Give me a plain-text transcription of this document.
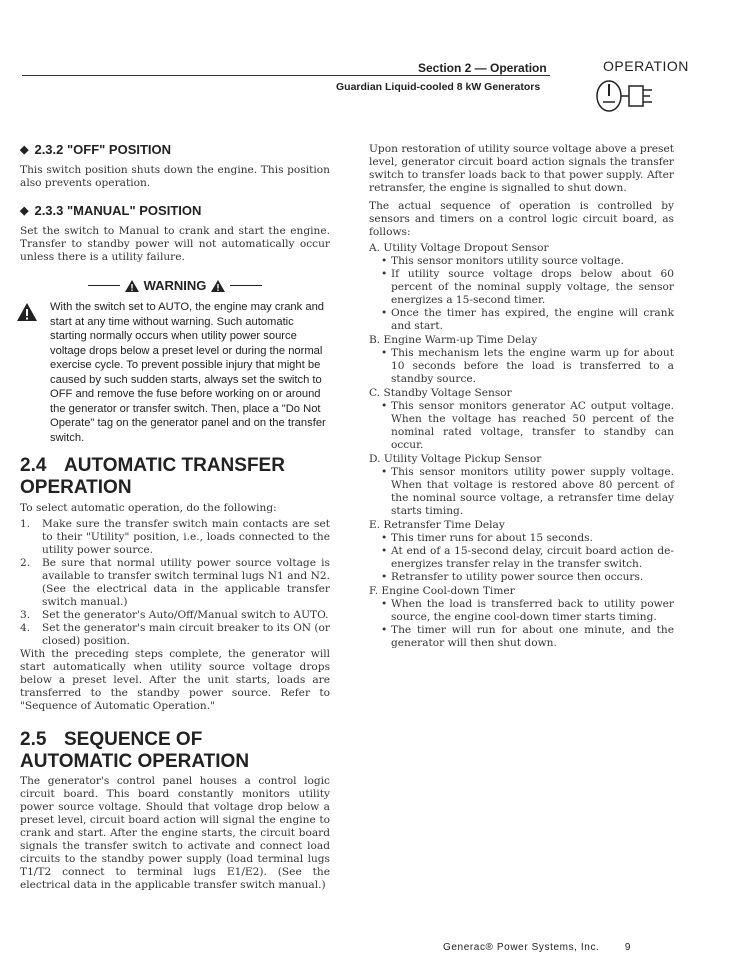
Section 2 — Operation
Guardian Liquid-cooled 8 kW Generators
OPERATION
◆ 2.3.2 "OFF" POSITION

This switch position shuts down the engine. This position also prevents operation.

◆ 2.3.3 "MANUAL" POSITION

Set the switch to Manual to crank and start the engine. Transfer to standby power will not automatically occur unless there is a utility failure.

WARNING

With the switch set to AUTO, the engine may crank and start at any time without warning. Such automatic starting normally occurs when utility power source voltage drops below a preset level or during the normal exercise cycle. To prevent possible injury that might be caused by such sudden starts, always set the switch to OFF and remove the fuse before working on or around the generator or transfer switch. Then, place a "Do Not Operate" tag on the generator panel and on the transfer switch.

2.4 AUTOMATIC TRANSFER
OPERATION

To select automatic operation, do the following:

1.	Make sure the transfer switch main contacts are set to their "Utility" position, i.e., loads connected to the utility power source.
2.	Be sure that normal utility power source voltage is available to transfer switch terminal lugs N1 and N2. (See the electrical data in the applicable transfer switch manual.)
3.	Set the generator's Auto/Off/Manual switch to AUTO.
4.	Set the generator's main circuit breaker to its ON (or closed) position.

With the preceding steps complete, the generator will start automatically when utility source voltage drops below a preset level. After the unit starts, loads are transferred to the standby power source. Refer to "Sequence of Automatic Operation."

2.5 SEQUENCE OF
AUTOMATIC OPERATION

The generator's control panel houses a control logic circuit board. This board constantly monitors utility power source voltage. Should that voltage drop below a preset level, circuit board action will signal the engine to crank and start. After the engine starts, the circuit board signals the transfer switch to activate and connect load circuits to the standby power supply (load terminal lugs T1/T2 connect to terminal lugs E1/E2). (See the electrical data in the applicable transfer switch manual.)

Upon restoration of utility source voltage above a preset level, generator circuit board action signals the transfer switch to transfer loads back to that power supply. After retransfer, the engine is signalled to shut down.

The actual sequence of operation is controlled by sensors and timers on a control logic circuit board, as follows:

A. Utility Voltage Dropout Sensor

• This sensor monitors utility source voltage.
• If utility source voltage drops below about 60 percent of the nominal supply voltage, the sensor energizes a 15-second timer.
• Once the timer has expired, the engine will crank and start.

B. Engine Warm-up Time Delay

• This mechanism lets the engine warm up for about 10 seconds before the load is transferred to a standby source.

C. Standby Voltage Sensor

• This sensor monitors generator AC output voltage. When the voltage has reached 50 percent of the nominal rated voltage, transfer to standby can occur.

D. Utility Voltage Pickup Sensor

• This sensor monitors utility power supply voltage. When that voltage is restored above 80 percent of the nominal source voltage, a retransfer time delay starts timing.

E. Retransfer Time Delay

• This timer runs for about 15 seconds.
• At end of a 15-second delay, circuit board action de-energizes transfer relay in the transfer switch.
• Retransfer to utility power source then occurs.

F. Engine Cool-down Timer

• When the load is transferred back to utility power source, the engine cool-down timer starts timing.
• The timer will run for about one minute, and the generator will then shut down.
Generac® Power Systems, Inc.	9
